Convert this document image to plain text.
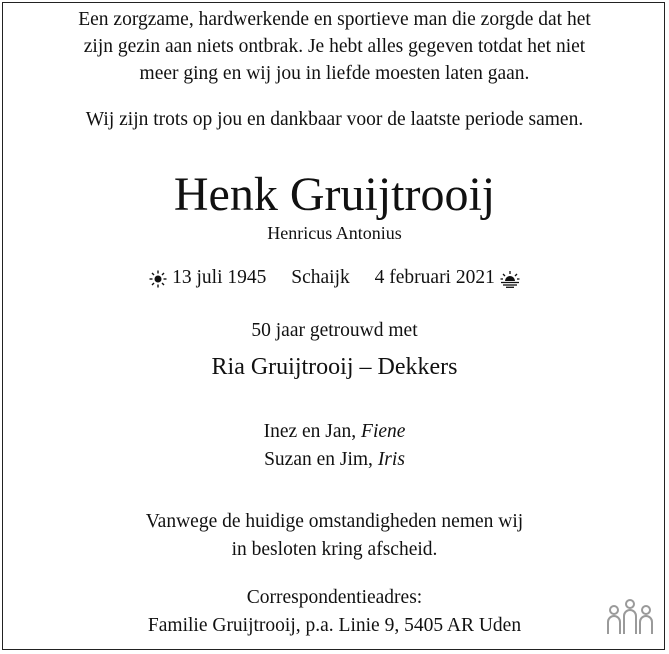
Een zorgzame, hardwerkende en sportieve man die zorgde dat het
zijn gezin aan niets ontbrak. Je hebt alles gegeven totdat het niet
meer ging en wij jou in liefde moesten laten gaan.
Wij zijn trots op jou en dankbaar voor de laatste periode samen.
Henk Gruijtrooij
Henricus Antonius
13 juli 1945 Schaijk 4 februari 2021
50 jaar getrouwd met
Ria Gruijtrooij – Dekkers
Inez en Jan, Fiene
Suzan en Jim, Iris
Vanwege de huidige omstandigheden nemen wij
in besloten kring afscheid.
Correspondentieadres:
Familie Gruijtrooij, p.a. Linie 9, 5405 AR Uden
